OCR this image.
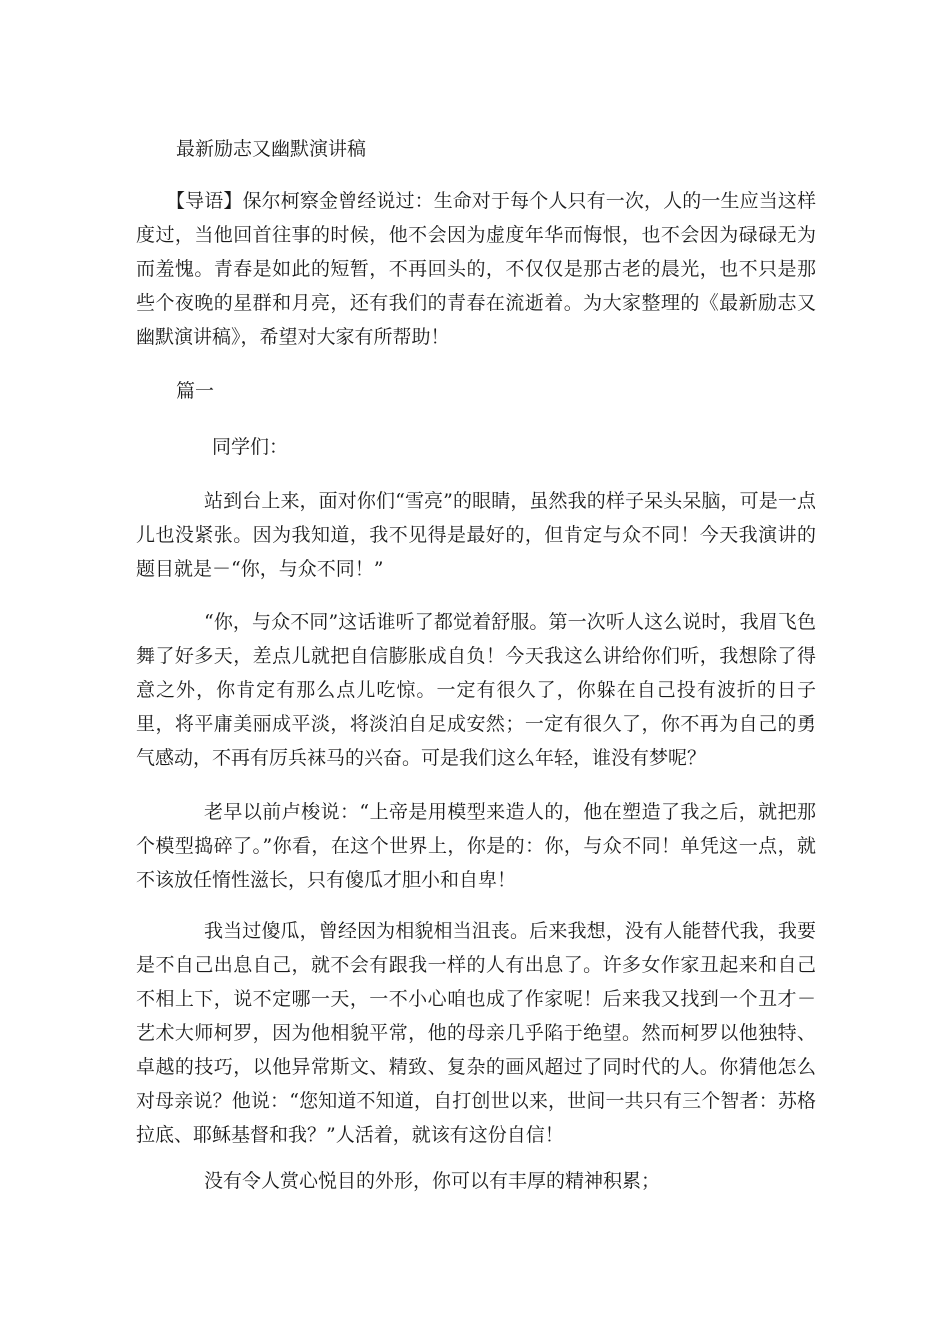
最新励志又幽默演讲稿

【导语】保尔柯察金曾经说过：生命对于每个人只有一次，人的一生应当这样度过，当他回首往事的时候，他不会因为虚度年华而悔恨，也不会因为碌碌无为而羞愧。青春是如此的短暂，不再回头的，不仅仅是那古老的晨光，也不只是那些个夜晚的星群和月亮，还有我们的青春在流逝着。为大家整理的《最新励志又幽默演讲稿》，希望对大家有所帮助！

篇一

同学们：

站到台上来，面对你们“雪亮”的眼睛，虽然我的样子呆头呆脑，可是一点儿也没紧张。因为我知道，我不见得是最好的，但肯定与众不同！今天我演讲的题目就是－“你，与众不同！”

“你，与众不同”这话谁听了都觉着舒服。第一次听人这么说时，我眉飞色舞了好多天，差点儿就把自信膨胀成自负！今天我这么讲给你们听，我想除了得意之外，你肯定有那么点儿吃惊。一定有很久了，你躲在自己投有波折的日子里，将平庸美丽成平淡，将淡泊自足成安然；一定有很久了，你不再为自己的勇气感动，不再有厉兵袜马的兴奋。可是我们这么年轻，谁没有梦呢？

老早以前卢梭说：“上帝是用模型来造人的，他在塑造了我之后，就把那个模型捣碎了。”你看，在这个世界上，你是的：你，与众不同！单凭这一点，就不该放任惰性滋长，只有傻瓜才胆小和自卑！

我当过傻瓜，曾经因为相貌相当沮丧。后来我想，没有人能替代我，我要是不自己出息自己，就不会有跟我一样的人有出息了。许多女作家丑起来和自己不相上下，说不定哪一天，一不小心咱也成了作家呢！后来我又找到一个丑才－艺术大师柯罗，因为他相貌平常，他的母亲几乎陷于绝望。然而柯罗以他独特、卓越的技巧，以他异常斯文、精致、复杂的画风超过了同时代的人。你猜他怎么对母亲说？他说：“您知道不知道，自打创世以来，世间一共只有三个智者：苏格拉底、耶稣基督和我？”人活着，就该有这份自信！

没有令人赏心悦目的外形，你可以有丰厚的精神积累；
